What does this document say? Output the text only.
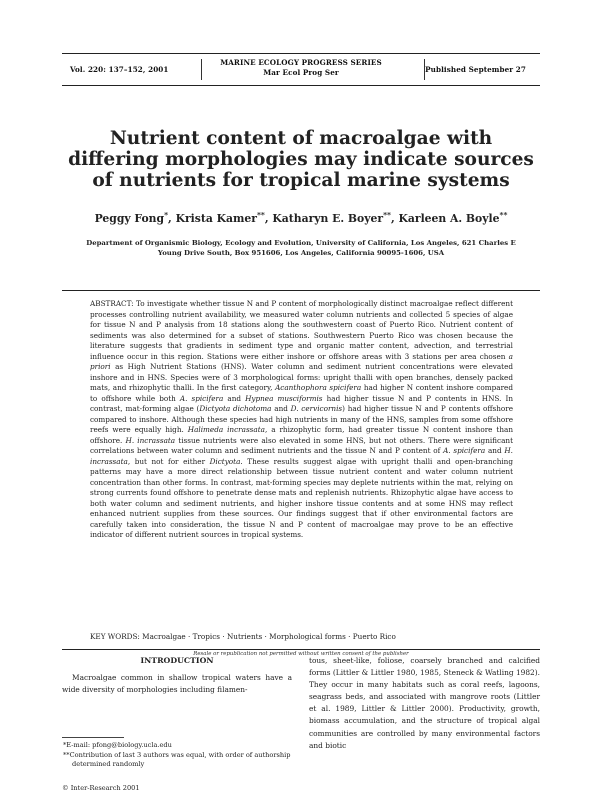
Vol. 220: 137–152, 2001
MARINE ECOLOGY PROGRESS SERIES
Mar Ecol Prog Ser	Published September 27
Nutrient content of macroalgae with differing morphologies may indicate sources of nutrients for tropical marine systems
Peggy Fong*, Krista Kamer**, Katharyn E. Boyer**, Karleen A. Boyle**
Department of Organismic Biology, Ecology and Evolution, University of California, Los Angeles, 621 Charles E Young Drive South, Box 951606, Los Angeles, California 90095-1606, USA
ABSTRACT: To investigate whether tissue N and P content of morphologically distinct macroalgae reflect different processes controlling nutrient availability, we measured water column nutrients and collected 5 species of algae for tissue N and P analysis from 18 stations along the southwestern coast of Puerto Rico. Nutrient content of sediments was also determined for a subset of stations. Southwestern Puerto Rico was chosen because the literature suggests that gradients in sediment type and organic matter content, advection, and terrestrial influence occur in this region. Stations were either inshore or offshore areas with 3 stations per area chosen a priori as High Nutrient Stations (HNS). Water column and sediment nutrient concentrations were elevated inshore and in HNS. Species were of 3 morphological forms: upright thalli with open branches, densely packed mats, and rhizophytic thalli. In the first category, Acanthophora spicifera had higher N content inshore compared to offshore while both A. spicifera and Hypnea musciformis had higher tissue N and P contents in HNS. In contrast, mat-forming algae (Dictyota dichotoma and D. cervicornis) had higher tissue N and P contents offshore compared to inshore. Although these species had high nutrients in many of the HNS, samples from some offshore reefs were equally high. Halimeda incrassata, a rhizophytic form, had greater tissue N content inshore than offshore. H. incrassata tissue nutrients were also elevated in some HNS, but not others. There were significant correlations between water column and sediment nutrients and the tissue N and P content of A. spicifera and H. incrassata, but not for either Dictyota. These results suggest algae with upright thalli and open-branching patterns may have a more direct relationship between tissue nutrient content and water column nutrient concentration than other forms. In contrast, mat-forming species may deplete nutrients within the mat, relying on strong currents found offshore to penetrate dense mats and replenish nutrients. Rhizophytic algae have access to both water column and sediment nutrients, and higher inshore tissue contents and at some HNS may reflect enhanced nutrient supplies from these sources. Our findings suggest that if other environmental factors are carefully taken into consideration, the tissue N and P content of macroalgae may prove to be an effective indicator of different nutrient sources in tropical systems.
KEY WORDS: Macroalgae · Tropics · Nutrients · Morphological forms · Puerto Rico
Resale or republication not permitted without written consent of the publisher
INTRODUCTION
Macroalgae common in shallow tropical waters have a wide diversity of morphologies including filamen-
*E-mail: pfong@biology.ucla.edu
**Contribution of last 3 authors was equal, with order of authorship determined randomly
© Inter-Research 2001
tous, sheet-like, foliose, coarsely branched and calcified forms (Littler & Littler 1980, 1985, Steneck & Watling 1982). They occur in many habitats such as coral reefs, lagoons, seagrass beds, and associated with mangrove roots (Littler et al. 1989, Littler & Littler 2000). Productivity, growth, biomass accumulation, and the structure of tropical algal communities are controlled by many environmental factors and biotic
